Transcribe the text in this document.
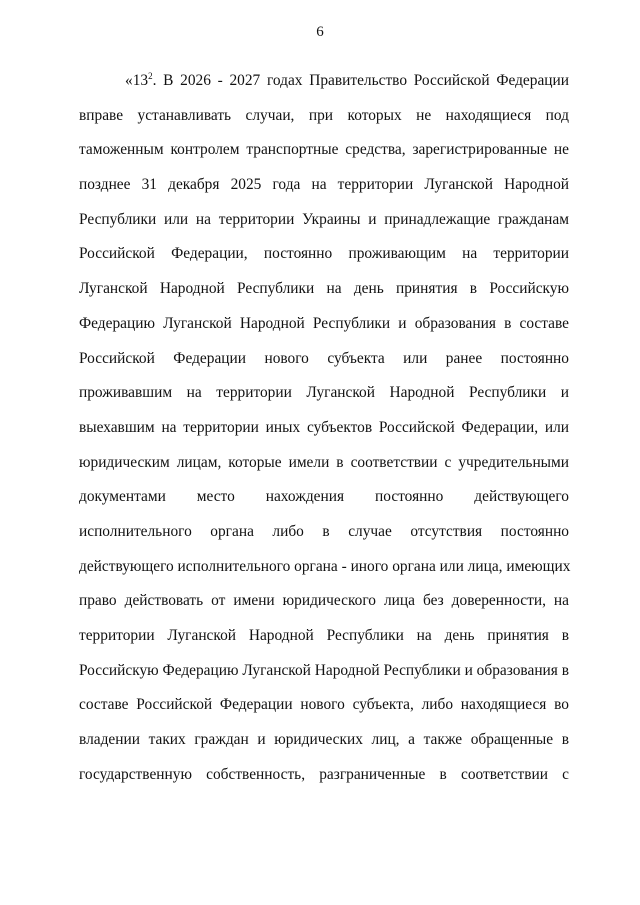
6
«$13^2$. В 2026 - 2027 годах Правительство Российской Федерации
вправе устанавливать случаи, при которых не находящиеся под
таможенным контролем транспортные средства, зарегистрированные не
позднее 31 декабря 2025 года на территории Луганской Народной
Республики или на территории Украины и принадлежащие гражданам
Российской Федерации, постоянно проживающим на территории
Луганской Народной Республики на день принятия в Российскую
Федерацию Луганской Народной Республики и образования в составе
Российской Федерации нового субъекта или ранее постоянно
проживавшим на территории Луганской Народной Республики и
выехавшим на территории иных субъектов Российской Федерации, или
юридическим лицам, которые имели в соответствии с учредительными
документами место нахождения постоянно действующего
исполнительного органа либо в случае отсутствия постоянно
действующего исполнительного органа - иного органа или лица, имеющих
право действовать от имени юридического лица без доверенности, на
территории Луганской Народной Республики на день принятия в
Российскую Федерацию Луганской Народной Республики и образования в
составе Российской Федерации нового субъекта, либо находящиеся во
владении таких граждан и юридических лиц, а также обращенные в
государственную собственность, разграниченные в соответствии с
